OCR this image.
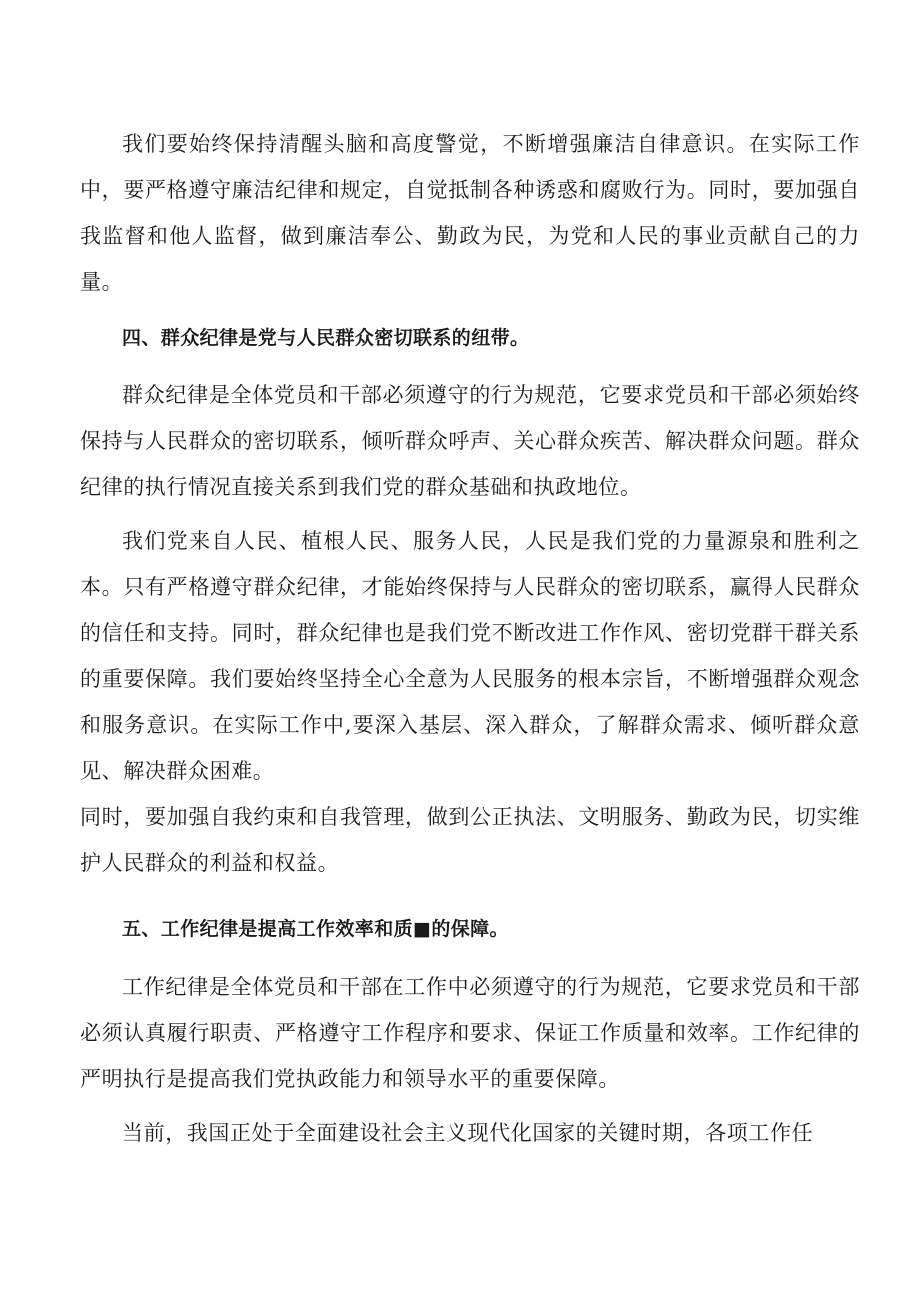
我们要始终保持清醒头脑和高度警觉，不断增强廉洁自律意识。在实际工作中，要严格遵守廉洁纪律和规定，自觉抵制各种诱惑和腐败行为。同时，要加强自我监督和他人监督，做到廉洁奉公、勤政为民，为党和人民的事业贡献自己的力量。

四、群众纪律是党与人民群众密切联系的纽带。

群众纪律是全体党员和干部必须遵守的行为规范，它要求党员和干部必须始终保持与人民群众的密切联系，倾听群众呼声、关心群众疾苦、解决群众问题。群众纪律的执行情况直接关系到我们党的群众基础和执政地位。

我们党来自人民、植根人民、服务人民，人民是我们党的力量源泉和胜利之本。只有严格遵守群众纪律，才能始终保持与人民群众的密切联系，赢得人民群众的信任和支持。同时，群众纪律也是我们党不断改进工作作风、密切党群干群关系的重要保障。我们要始终坚持全心全意为人民服务的根本宗旨，不断增强群众观念和服务意识。在实际工作中,要深入基层、深入群众，了解群众需求、倾听群众意见、解决群众困难。

同时，要加强自我约束和自我管理，做到公正执法、文明服务、勤政为民，切实维护人民群众的利益和权益。

五、工作纪律是提高工作效率和质■的保障。

工作纪律是全体党员和干部在工作中必须遵守的行为规范，它要求党员和干部必须认真履行职责、严格遵守工作程序和要求、保证工作质量和效率。工作纪律的严明执行是提高我们党执政能力和领导水平的重要保障。

当前，我国正处于全面建设社会主义现代化国家的关键时期，各项工作任
